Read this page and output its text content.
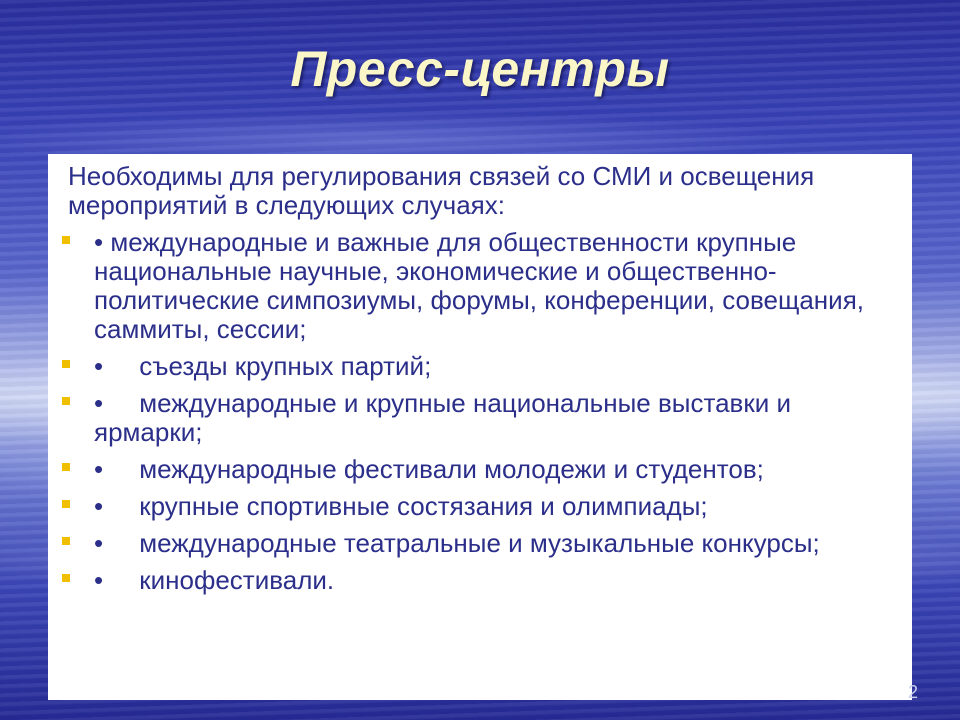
Пресс-центры

Необходимы для регулирования связей со СМИ и освещения мероприятий в следующих случаях:

• международные и важные для общественности крупные национальные научные, экономические и общественно-политические симпозиумы, форумы, конференции, совещания, саммиты, сессии;
•     съезды крупных партий;
•     международные и крупные национальные выставки и ярмарки;
•     международные фестивали молодежи и студентов;
•     крупные спортивные состязания и олимпиады;
•     международные театральные и музыкальные конкурсы;
•     кинофестивали.
2
